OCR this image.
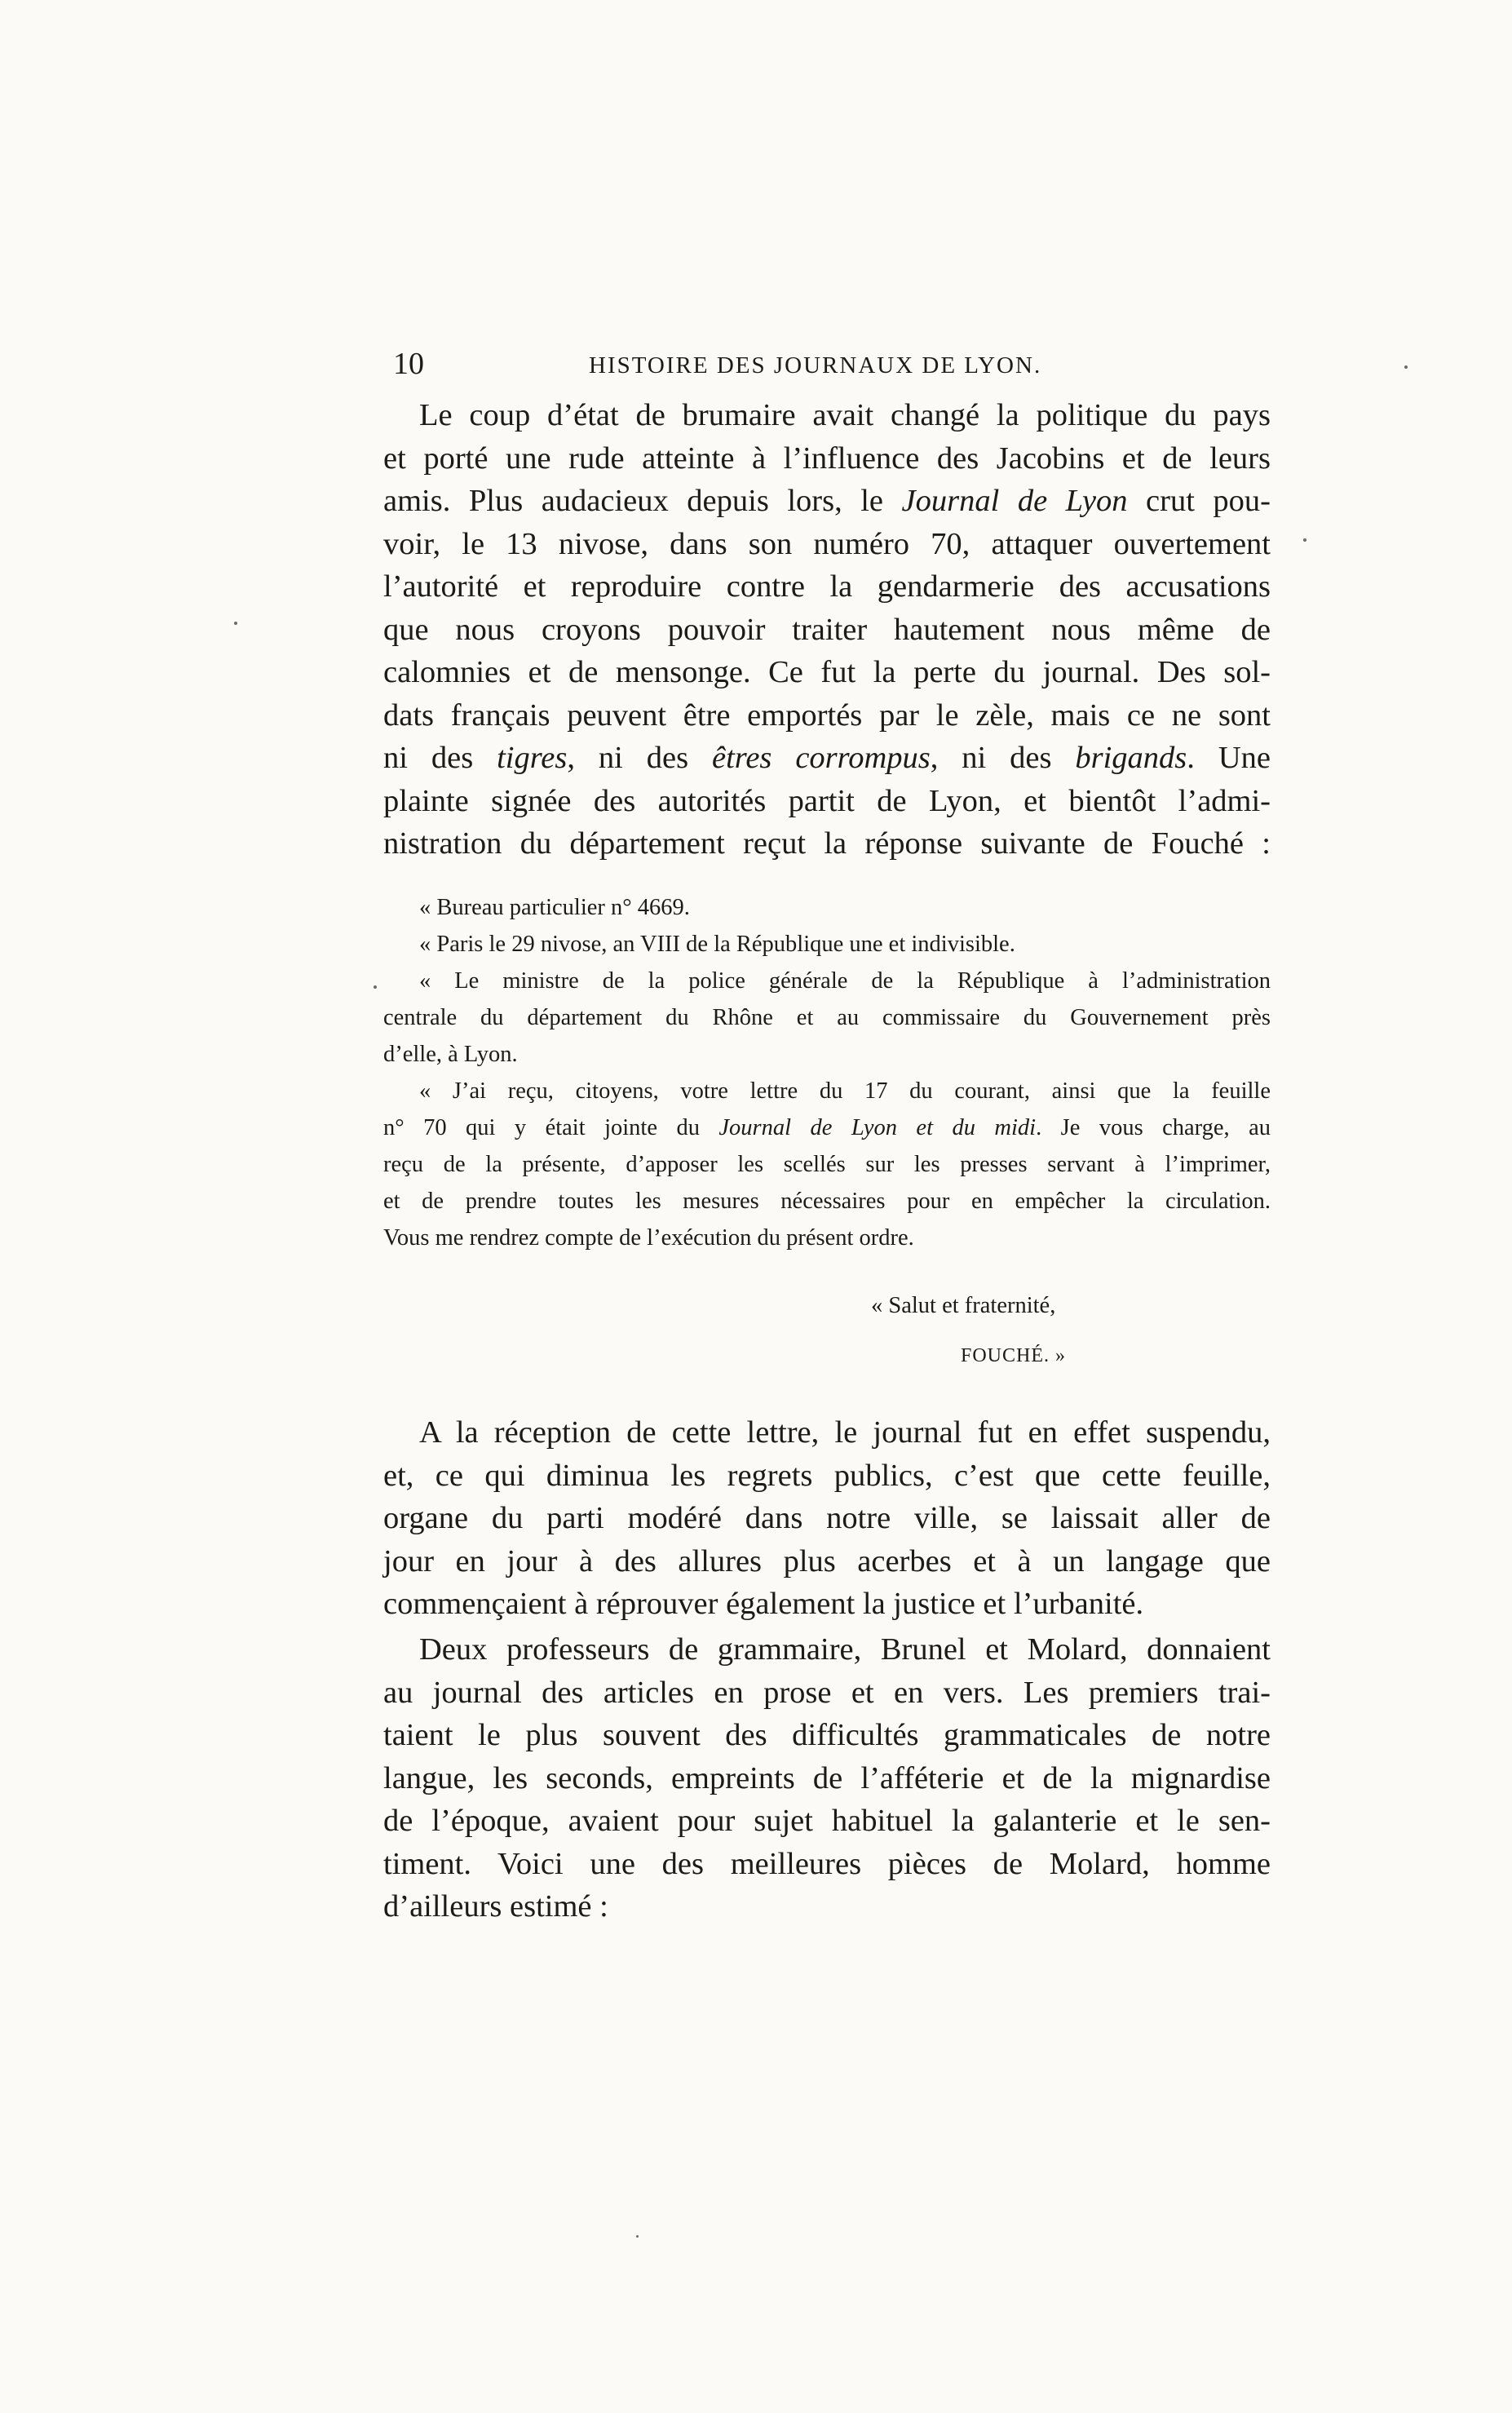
10	HISTOIRE DES JOURNAUX DE LYON.
Le coup d’état de brumaire avait changé la politique du pays
et porté une rude atteinte à l’influence des Jacobins et de leurs
amis. Plus audacieux depuis lors, le Journal de Lyon crut pou-
voir, le 13 nivose, dans son numéro 70, attaquer ouvertement
l’autorité et reproduire contre la gendarmerie des accusations
que nous croyons pouvoir traiter hautement nous même de
calomnies et de mensonge. Ce fut la perte du journal. Des sol-
dats français peuvent être emportés par le zèle, mais ce ne sont
ni des tigres, ni des êtres corrompus, ni des brigands. Une
plainte signée des autorités partit de Lyon, et bientôt l’admi-
nistration du département reçut la réponse suivante de Fouché :
« Bureau particulier n° 4669.
« Paris le 29 nivose, an VIII de la République une et indivisible.
« Le ministre de la police générale de la République à l’administration
centrale du département du Rhône et au commissaire du Gouvernement près
d’elle, à Lyon.
« J’ai reçu, citoyens, votre lettre du 17 du courant, ainsi que la feuille
n° 70 qui y était jointe du Journal de Lyon et du midi. Je vous charge, au
reçu de la présente, d’apposer les scellés sur les presses servant à l’imprimer,
et de prendre toutes les mesures nécessaires pour en empêcher la circulation.
Vous me rendrez compte de l’exécution du présent ordre.
« Salut et fraternité,
FOUCHÉ. »
A la réception de cette lettre, le journal fut en effet suspendu,
et, ce qui diminua les regrets publics, c’est que cette feuille,
organe du parti modéré dans notre ville, se laissait aller de
jour en jour à des allures plus acerbes et à un langage que
commençaient à réprouver également la justice et l’urbanité.
Deux professeurs de grammaire, Brunel et Molard, donnaient
au journal des articles en prose et en vers. Les premiers trai-
taient le plus souvent des difficultés grammaticales de notre
langue, les seconds, empreints de l’afféterie et de la mignardise
de l’époque, avaient pour sujet habituel la galanterie et le sen-
timent. Voici une des meilleures pièces de Molard, homme
d’ailleurs estimé :
